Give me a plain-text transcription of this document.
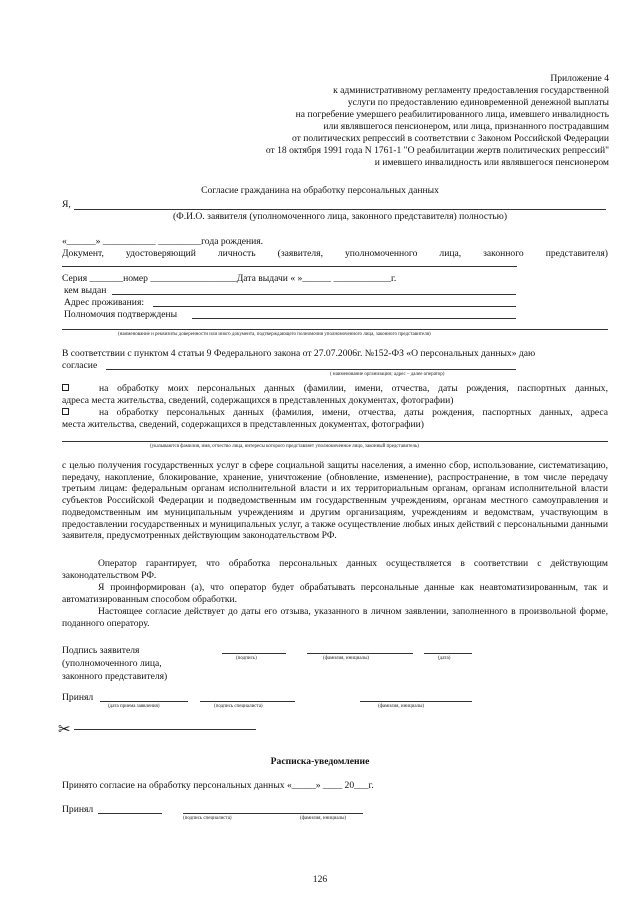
Приложение 4
к административному регламенту предоставления государственной
услуги по предоставлению единовременной денежной выплаты
на погребение умершего реабилитированного лица, имевшего инвалидность
или являвшегося пенсионером, или лица, признанного пострадавшим
от политических репрессий в соответствии с Законом Российской Федерации
от 18 октября 1991 года N 1761-1 "О реабилитации жертв политических репрессий"
и имевшего инвалидность или являвшегося пенсионером
Согласие гражданина на обработку персональных данных
Я,
(Ф.И.О. заявителя (уполномоченного лица, законного представителя) полностью)
«______» ___________ _________года рождения.
Документ, удостоверяющий личность (заявителя, уполномоченного лица, законного представителя)
Серия _______номер __________________Дата выдачи « »______ ____________г.
кем выдан
Адрес проживания:
Полномочия подтверждены
(наименование и реквизиты доверенности или иного документа, подтверждающего полномочия уполномоченного лица, законного представителя)
В соответствии с пунктом 4 статьи 9 Федерального закона от 27.07.2006г. №152-ФЗ «О персональных данных» даю
согласие
( наименование организации; адрес – далее оператор)
на обработку моих персональных данных (фамилии, имени, отчества, даты рождения, паспортных данных,
адреса места жительства, сведений, содержащихся в представленных документах, фотографии)
на обработку персональных данных (фамилия, имени, отчества, даты рождения, паспортных данных, адреса
места жительства, сведений, содержащихся в представленных документах, фотографии)
(указываются фамилия, имя, отчество лица, интересы которого представляет уполномоченное лицо, законный представитель)
с целью получения государственных услуг в сфере социальной защиты населения, а именно сбор, использование, систематизацию, передачу, накопление, блокирование, хранение, уничтожение (обновление, изменение), распространение, в том числе передачу третьим лицам: федеральным органам исполнительной власти и их территориальным органам, органам исполнительной власти субъектов Российской Федерации и подведомственным им государственным учреждениям, органам местного самоуправления и подведомственным им муниципальным учреждениям и другим организациям, учреждениям и ведомствам, участвующим в предоставлении государственных и муниципальных услуг, а также осуществление любых иных действий с персональными данными заявителя, предусмотренных действующим законодательством РФ.
Оператор гарантирует, что обработка персональных данных осуществляется в соответствии с действующим законодательством РФ.
Я проинформирован (а), что оператор будет обрабатывать персональные данные как неавтоматизированным, так и автоматизированным способом обработки.
Настоящее согласие действует до даты его отзыва, указанного в личном заявлении, заполненного в произвольной форме, поданного оператору.
Подпись заявителя
(уполномоченного лица,
законного представителя)
(подпись)	(фамилия, инициалы)	(дата)
Принял
(дата приема заявления)	(подпись специалиста)	(фамилия, инициалы)
✂
Расписка-уведомление
Принято согласие на обработку персональных данных «_____» ____ 20___г.
Принял
(подпись специалиста)	(фамилия, инициалы)
126
